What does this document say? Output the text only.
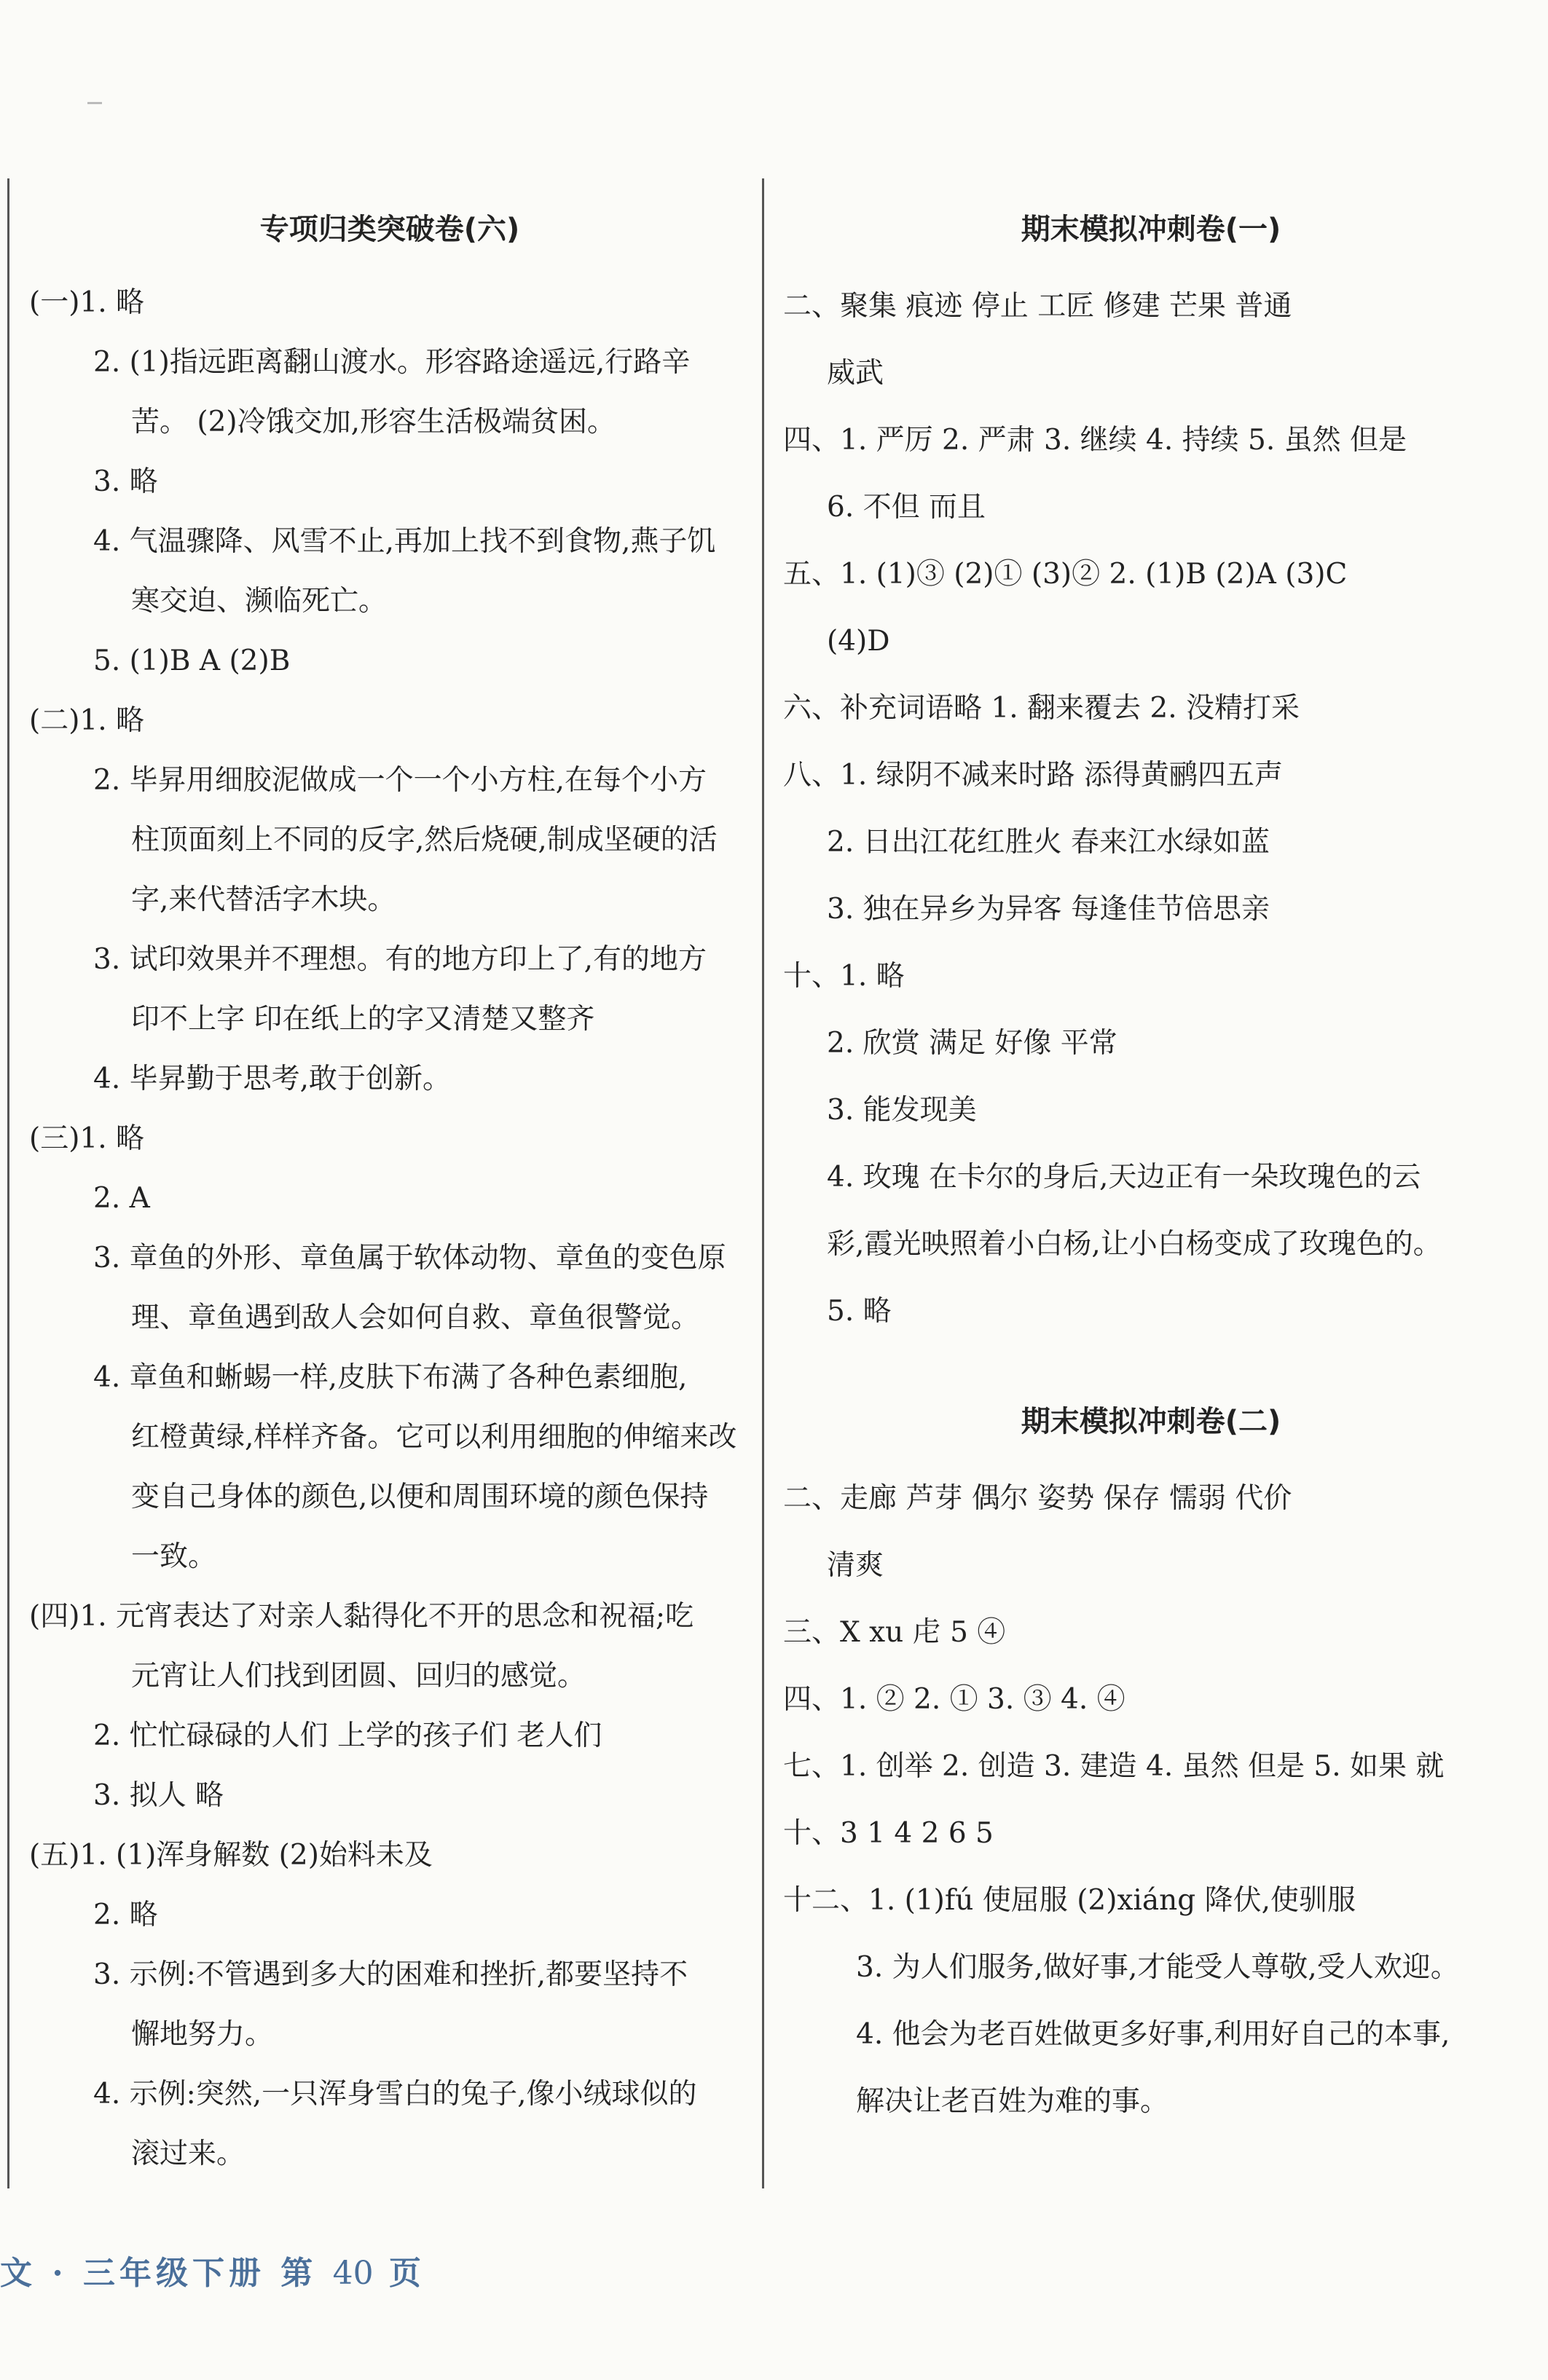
专项归类突破卷(六)
(一)1. 略
2. (1)指远距离翻山渡水。形容路途遥远,行路辛
苦。 (2)冷饿交加,形容生活极端贫困。
3. 略
4. 气温骤降、风雪不止,再加上找不到食物,燕子饥
寒交迫、濒临死亡。
5. (1)B A (2)B
(二)1. 略
2. 毕昇用细胶泥做成一个一个小方柱,在每个小方
柱顶面刻上不同的反字,然后烧硬,制成坚硬的活
字,来代替活字木块。
3. 试印效果并不理想。有的地方印上了,有的地方
印不上字 印在纸上的字又清楚又整齐
4. 毕昇勤于思考,敢于创新。
(三)1. 略
2. A
3. 章鱼的外形、章鱼属于软体动物、章鱼的变色原
理、章鱼遇到敌人会如何自救、章鱼很警觉。
4. 章鱼和蜥蜴一样,皮肤下布满了各种色素细胞,
红橙黄绿,样样齐备。它可以利用细胞的伸缩来改
变自己身体的颜色,以便和周围环境的颜色保持
一致。
(四)1. 元宵表达了对亲人黏得化不开的思念和祝福;吃
元宵让人们找到团圆、回归的感觉。
2. 忙忙碌碌的人们 上学的孩子们 老人们
3. 拟人 略
(五)1. (1)浑身解数 (2)始料未及
2. 略
3. 示例:不管遇到多大的困难和挫折,都要坚持不
懈地努力。
4. 示例:突然,一只浑身雪白的兔子,像小绒球似的
滚过来。
期末模拟冲刺卷(一)
二、聚集 痕迹 停止 工匠 修建 芒果 普通
威武
四、1. 严厉 2. 严肃 3. 继续 4. 持续 5. 虽然 但是
6. 不但 而且
五、1. (1)③ (2)① (3)② 2. (1)B (2)A (3)C
(4)D
六、补充词语略 1. 翻来覆去 2. 没精打采
八、1. 绿阴不减来时路 添得黄鹂四五声
2. 日出江花红胜火 春来江水绿如蓝
3. 独在异乡为异客 每逢佳节倍思亲
十、1. 略
2. 欣赏 满足 好像 平常
3. 能发现美
4. 玫瑰 在卡尔的身后,天边正有一朵玫瑰色的云
彩,霞光映照着小白杨,让小白杨变成了玫瑰色的。
5. 略
期末模拟冲刺卷(二)
二、走廊 芦芽 偶尔 姿势 保存 懦弱 代价
清爽
三、X xu 虍 5 ④
四、1. ② 2. ① 3. ③ 4. ④
七、1. 创举 2. 创造 3. 建造 4. 虽然 但是 5. 如果 就
十、3 1 4 2 6 5
十二、1. (1)fú 使屈服 (2)xiáng 降伏,使驯服
3. 为人们服务,做好事,才能受人尊敬,受人欢迎。
4. 他会为老百姓做更多好事,利用好自己的本事,
解决让老百姓为难的事。
文 · 三年级下册 第 40 页
